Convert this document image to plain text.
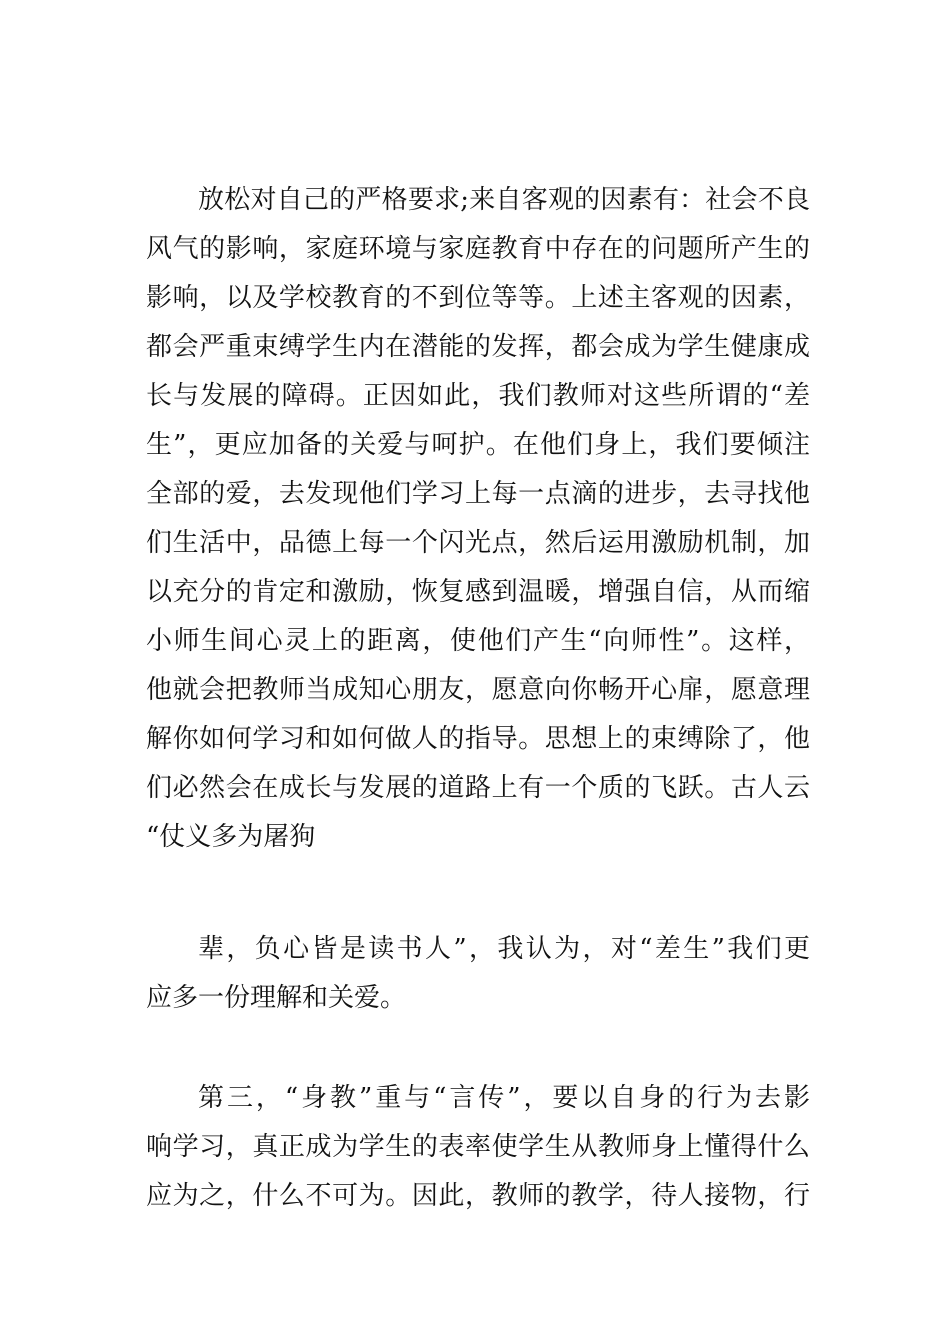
放松对自己的严格要求;来自客观的因素有：社会不良
风气的影响，家庭环境与家庭教育中存在的问题所产生的
影响，以及学校教育的不到位等等。上述主客观的因素，
都会严重束缚学生内在潜能的发挥，都会成为学生健康成
长与发展的障碍。正因如此，我们教师对这些所谓的“差
生”，更应加备的关爱与呵护。在他们身上，我们要倾注
全部的爱，去发现他们学习上每一点滴的进步，去寻找他
们生活中，品德上每一个闪光点，然后运用激励机制，加
以充分的肯定和激励，恢复感到温暖，增强自信，从而缩
小师生间心灵上的距离，使他们产生“向师性”。这样，
他就会把教师当成知心朋友，愿意向你畅开心扉，愿意理
解你如何学习和如何做人的指导。思想上的束缚除了，他
们必然会在成长与发展的道路上有一个质的飞跃。古人云
“仗义多为屠狗
辈，负心皆是读书人”，我认为，对“差生”我们更
应多一份理解和关爱。
第三，“身教”重与“言传”，要以自身的行为去影
响学习，真正成为学生的表率使学生从教师身上懂得什么
应为之，什么不可为。因此，教师的教学，待人接物，行
